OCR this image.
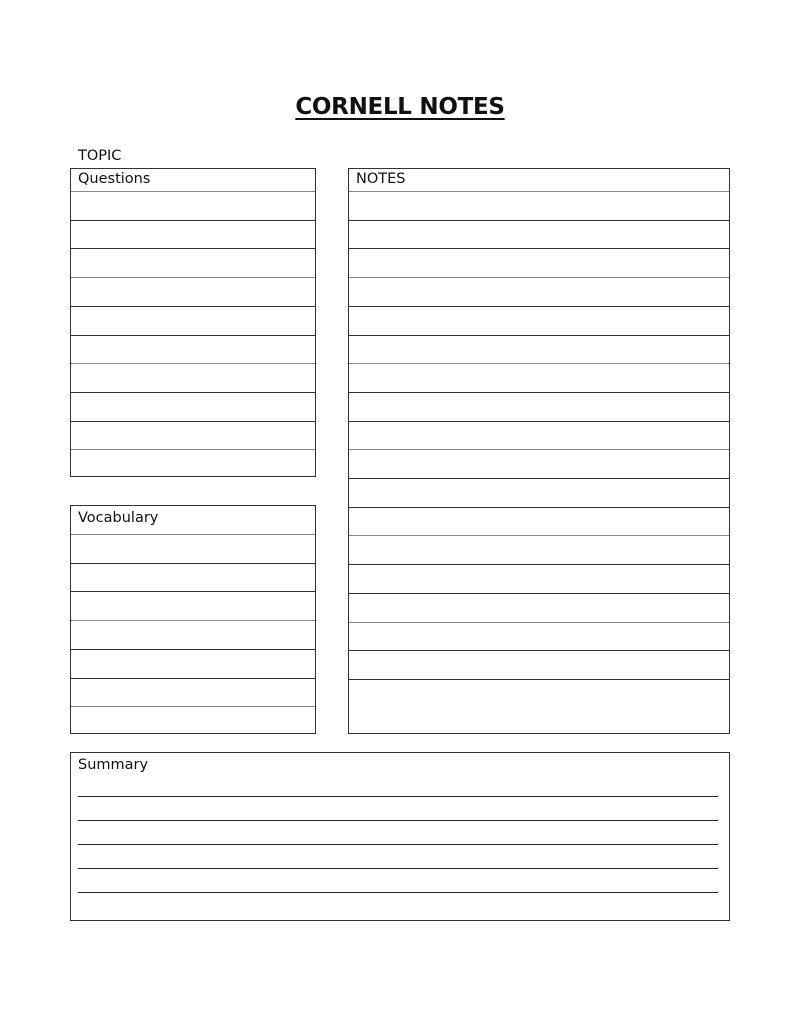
CORNELL NOTES
TOPIC
Questions	NOTES
Vocabulary
Summary
